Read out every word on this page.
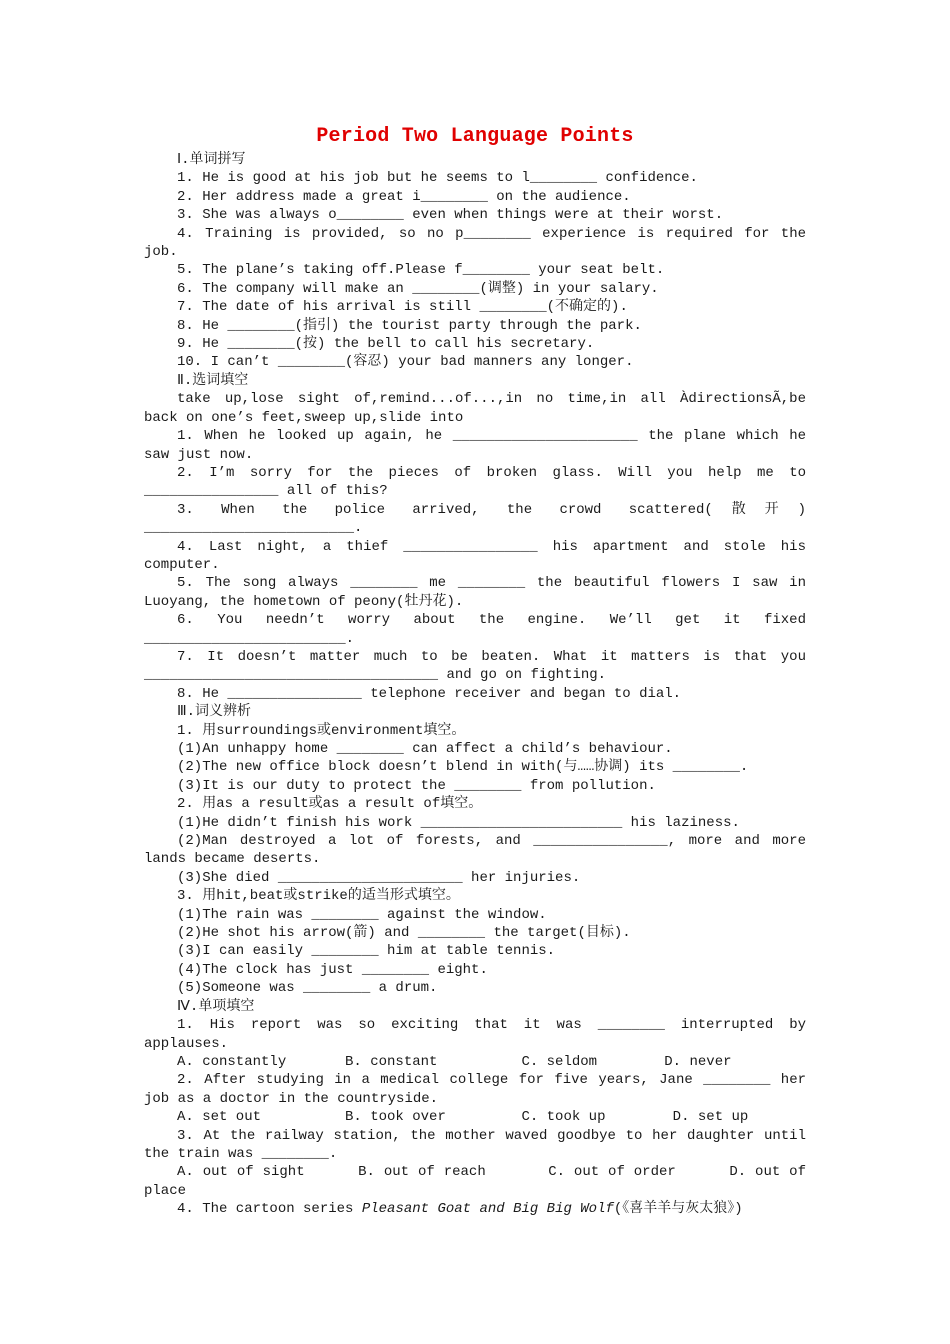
Period Two Language Points
Ⅰ.单词拼写
1. He is good at his job but he seems to l________ confidence.
2. Her address made a great i________ on the audience.
3. She was always o________ even when things were at their worst.
4. Training is provided, so no p________ experience is required for the job.
5. The plane’s taking off.Please f________ your seat belt.
6. The company will make an ________(调整) in your salary.
7. The date of his arrival is still ________(不确定的).
8. He ________(指引) the tourist party through the park.
9. He ________(按) the bell to call his secretary.
10. I can’t ________(容忍) your bad manners any longer.
Ⅱ.选词填空
take up,lose sight of,remind...of...,in no time,in all ÀdirectionsÃ,be back on one’s feet,sweep up,slide into
1. When he looked up again, he ______________________ the plane which he saw just now.
2. I’m sorry for the pieces of broken glass. Will you help me to ________________ all of this?
3. When the police arrived, the crowd scattered(散开) _________________________.
4. Last night, a thief ________________ his apartment and stole his computer.
5. The song always ________ me ________ the beautiful flowers I saw in Luoyang, the hometown of peony(牡丹花).
6. You needn’t worry about the engine. We’ll get it fixed ________________________.
7. It doesn’t matter much to be beaten. What it matters is that you ___________________________________ and go on fighting.
8. He ________________ telephone receiver and began to dial.
Ⅲ.词义辨析
1. 用surroundings或environment填空。
(1)An unhappy home ________ can affect a child’s behaviour.
(2)The new office block doesn’t blend in with(与……协调) its ________.
(3)It is our duty to protect the ________ from pollution.
2. 用as a result或as a result of填空。
(1)He didn’t finish his work ________________________ his laziness.
(2)Man destroyed a lot of forests, and ________________, more and more lands became deserts.
(3)She died ______________________ her injuries.
3. 用hit,beat或strike的适当形式填空。
(1)The rain was ________ against the window.
(2)He shot his arrow(箭) and ________ the target(目标).
(3)I can easily ________ him at table tennis.
(4)The clock has just ________ eight.
(5)Someone was ________ a drum.
Ⅳ.单项填空
1. His report was so exciting that it was ________ interrupted by applauses.
A. constantly       B. constant          C. seldom        D. never
2. After studying in a medical college for five years, Jane ________ her job as a doctor in the countryside.
A. set out          B. took over         C. took up        D. set up
3. At the railway station, the mother waved goodbye to her daughter until the train was ________.
A. out of sight      B. out of reach       C. out of order      D. out of place
4. The cartoon series Pleasant Goat and Big Big Wolf(《喜羊羊与灰太狼》)
